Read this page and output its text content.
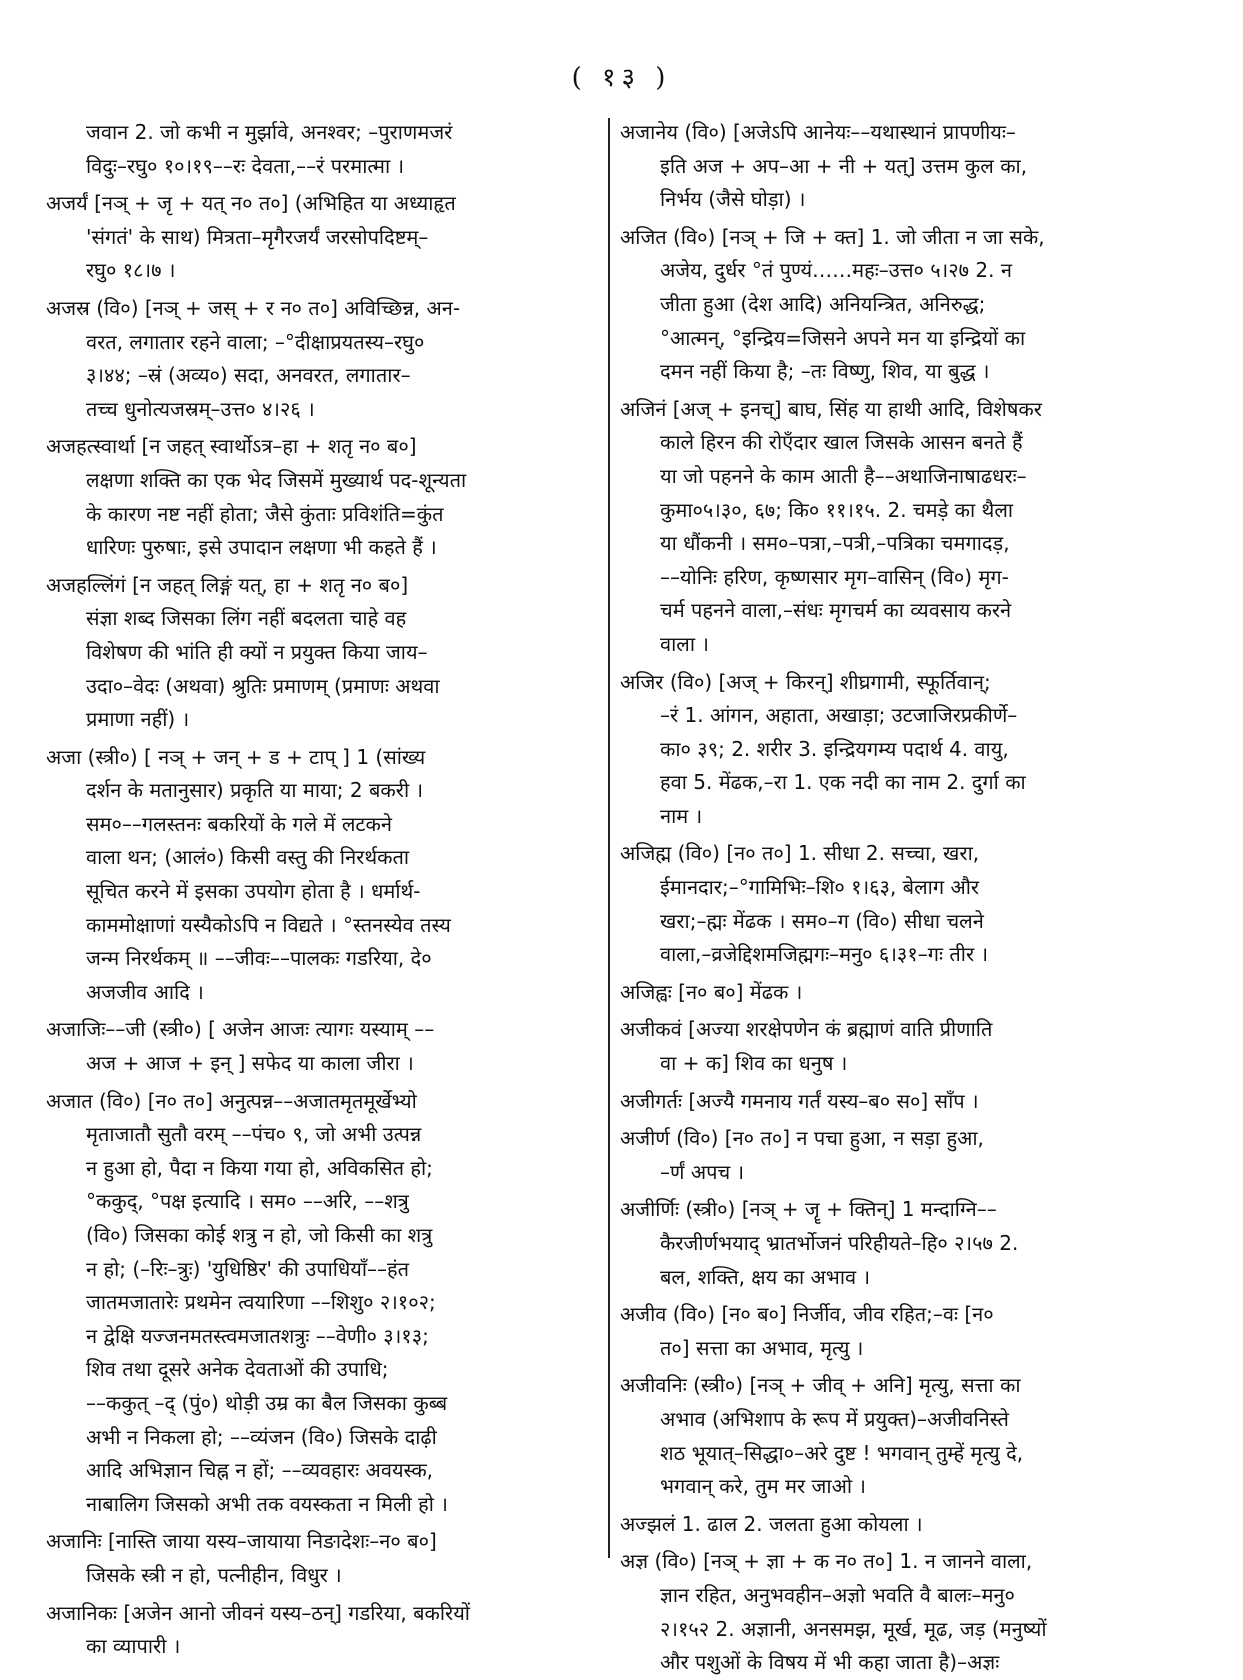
( १३ )
जवान 2. जो कभी न मुर्झावे, अनश्वर; –पुराणमजरं
विदुः–रघु० १०।१९––रः देवता,––रं परमात्मा ।
अजर्यं [नञ् + जृ + यत् न० त०] (अभिहित या अध्याहृत
'संगतं' के साथ) मित्रता–मृगैरजर्यं जरसोपदिष्टम्–
रघु० १८।७ ।
अजस्र (वि०) [नञ् + जस् + र न० त०] अविच्छिन्न, अन-
वरत, लगातार रहने वाला; –°दीक्षाप्रयतस्य–रघु०
३।४४; –स्रं (अव्य०) सदा, अनवरत, लगातार–
तच्च धुनोत्यजस्रम्–उत्त० ४।२६ ।
अजहत्स्वार्था [न जहत् स्वार्थोऽत्र–हा + शतृ न० ब०]
लक्षणा शक्ति का एक भेद जिसमें मुख्यार्थ पद-शून्यता
के कारण नष्ट नहीं होता; जैसे कुंताः प्रविशंति=कुंत
धारिणः पुरुषाः, इसे उपादान लक्षणा भी कहते हैं ।
अजहल्लिंगं [न जहत् लिङ्गं यत्, हा + शतृ न० ब०]
संज्ञा शब्द जिसका लिंग नहीं बदलता चाहे वह
विशेषण की भांति ही क्यों न प्रयुक्त किया जाय–
उदा०–वेदः (अथवा) श्रुतिः प्रमाणम् (प्रमाणः अथवा
प्रमाणा नहीं) ।
अजा (स्त्री०) [ नञ् + जन् + ड + टाप् ] 1 (सांख्य
दर्शन के मतानुसार) प्रकृति या माया; 2 बकरी ।
सम०––गलस्तनः बकरियों के गले में लटकने
वाला थन; (आलं०) किसी वस्तु की निरर्थकता
सूचित करने में इसका उपयोग होता है । धर्मार्थ-
काममोक्षाणां यस्यैकोऽपि न विद्यते । °स्तनस्येव तस्य
जन्म निरर्थकम् ॥ ––जीवः––पालकः गडरिया, दे०
अजजीव आदि ।
अजाजिः––जी (स्त्री०) [ अजेन आजः त्यागः यस्याम् ––
अज + आज + इन् ] सफेद या काला जीरा ।
अजात (वि०) [न० त०] अनुत्पन्न––अजातमृतमूर्खेभ्यो
मृताजातौ सुतौ वरम् ––पंच० ९, जो अभी उत्पन्न
न हुआ हो, पैदा न किया गया हो, अविकसित हो;
°ककुद्, °पक्ष इत्यादि । सम० ––अरि, ––शत्रु
(वि०) जिसका कोई शत्रु न हो, जो किसी का शत्रु
न हो; (–रिः–त्रुः) 'युधिष्ठिर' की उपाधियाँ––हंत
जातमजातारेः प्रथमेन त्वयारिणा ––शिशु० २।१०२;
न द्वेक्षि यज्जनमतस्त्वमजातशत्रुः ––वेणी० ३।१३;
शिव तथा दूसरे अनेक देवताओं की उपाधि;
––ककुत् –द् (पुं०) थोड़ी उम्र का बैल जिसका कुब्ब
अभी न निकला हो; ––व्यंजन (वि०) जिसके दाढ़ी
आदि अभिज्ञान चिह्न न हों; ––व्यवहारः अवयस्क,
नाबालिग जिसको अभी तक वयस्कता न मिली हो ।
अजानिः [नास्ति जाया यस्य–जायाया निङादेशः–न० ब०]
जिसके स्त्री न हो, पत्नीहीन, विधुर ।
अजानिकः [अजेन आनो जीवनं यस्य–ठन्] गडरिया, बकरियों
का व्यापारी ।
अजानेय (वि०) [अजेऽपि आनेयः––यथास्थानं प्रापणीयः–
इति अज + अप–आ + नी + यत्] उत्तम कुल का,
निर्भय (जैसे घोड़ा) ।
अजित (वि०) [नञ् + जि + क्त] 1. जो जीता न जा सके,
अजेय, दुर्धर °तं पुण्यं……महः–उत्त० ५।२७ 2. न
जीता हुआ (देश आदि) अनियन्त्रित, अनिरुद्ध;
°आत्मन्, °इन्द्रिय=जिसने अपने मन या इन्द्रियों का
दमन नहीं किया है; –तः विष्णु, शिव, या बुद्ध ।
अजिनं [अज् + इनच्] बाघ, सिंह या हाथी आदि, विशेषकर
काले हिरन की रोएँदार खाल जिसके आसन बनते हैं
या जो पहनने के काम आती है––अथाजिनाषाढधरः–
कुमा०५।३०, ६७; कि० ११।१५. 2. चमड़े का थैला
या धौंकनी । सम०–पत्रा,–पत्री,–पत्रिका चमगादड़,
––योनिः हरिण, कृष्णसार मृग–वासिन् (वि०) मृग-
चर्म पहनने वाला,–संधः मृगचर्म का व्यवसाय करने
वाला ।
अजिर (वि०) [अज् + किरन्] शीघ्रगामी, स्फूर्तिवान्;
–रं 1. आंगन, अहाता, अखाड़ा; उटजाजिरप्रकीर्णे–
का० ३९; 2. शरीर 3. इन्द्रियगम्य पदार्थ 4. वायु,
हवा 5. मेंढक,–रा 1. एक नदी का नाम 2. दुर्गा का
नाम ।
अजिह्म (वि०) [न० त०] 1. सीधा 2. सच्चा, खरा,
ईमानदार;–°गामिभिः–शि० १।६३, बेलाग और
खरा;–ह्मः मेंढक । सम०–ग (वि०) सीधा चलने
वाला,–व्रजेद्दिशमजिह्मगः–मनु० ६।३१–गः तीर ।
अजिह्वः [न० ब०] मेंढक ।
अजीकवं [अज्या शरक्षेपणेन कं ब्रह्माणं वाति प्रीणाति
वा + क] शिव का धनुष ।
अजीगर्तः [अज्यै गमनाय गर्तं यस्य–ब० स०] साँप ।
अजीर्ण (वि०) [न० त०] न पचा हुआ, न सड़ा हुआ,
–र्णं अपच ।
अजीर्णिः (स्त्री०) [नञ् + जॄ + क्तिन्] 1 मन्दाग्नि––
कैरजीर्णभयाद् भ्रातर्भोजनं परिहीयते–हि० २।५७ 2.
बल, शक्ति, क्षय का अभाव ।
अजीव (वि०) [न० ब०] निर्जीव, जीव रहित;–वः [न०
त०] सत्ता का अभाव, मृत्यु ।
अजीवनिः (स्त्री०) [नञ् + जीव् + अनि] मृत्यु, सत्ता का
अभाव (अभिशाप के रूप में प्रयुक्त)–अजीवनिस्ते
शठ भूयात्–सिद्धा०–अरे दुष्ट ! भगवान् तुम्हें मृत्यु दे,
भगवान् करे, तुम मर जाओ ।
अज्झलं 1. ढाल 2. जलता हुआ कोयला ।
अज्ञ (वि०) [नञ् + ज्ञा + क न० त०] 1. न जानने वाला,
ज्ञान रहित, अनुभवहीन–अज्ञो भवति वै बालः–मनु०
२।१५२ 2. अज्ञानी, अनसमझ, मूर्ख, मूढ, जड़ (मनुष्यों
और पशुओं के विषय में भी कहा जाता है)–अज्ञः
